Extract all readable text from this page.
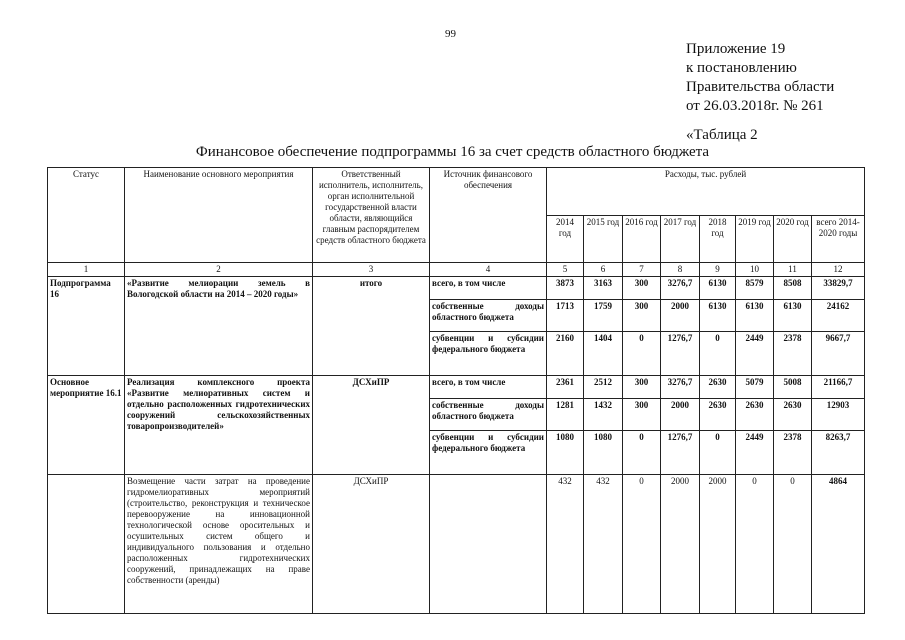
99
Приложение 19
к постановлению
Правительства области
от 26.03.2018г. № 261
«Таблица 2
Финансовое обеспечение подпрограммы 16 за счет средств областного бюджета
Статус	Наименование основного мероприятия	Ответственный исполнитель, исполнитель, орган исполнительной государственной власти области, являющийся главным распорядителем средств областного бюджета	Источник финансового обеспечения	Расходы, тыс. рублей							
				2014 год	2015 год	2016 год	2017 год	2018 год	2019 год	2020 год	всего 2014-2020 годы
1	2	3	4	5	6	7	8	9	10	11	12
Подпрограмма 16	«Развитие мелиорации земель в Вологодской области на 2014 – 2020 годы»	итого	всего, в том числе	3873	3163	300	3276,7	6130	8579	8508	33829,7
			собственные доходы областного бюджета	1713	1759	300	2000	6130	6130	6130	24162
			субвенции и субсидии федерального бюджета	2160	1404	0	1276,7	0	2449	2378	9667,7
Основное мероприятие 16.1	Реализация комплексного проекта «Развитие мелиоративных систем и отдельно расположенных гидротехнических сооружений сельскохозяйственных товаропроизводителей»	ДСХиПР	всего, в том числе	2361	2512	300	3276,7	2630	5079	5008	21166,7
			собственные доходы областного бюджета	1281	1432	300	2000	2630	2630	2630	12903
			субвенции и субсидии федерального бюджета	1080	1080	0	1276,7	0	2449	2378	8263,7
	Возмещение части затрат на проведение гидромелиоративных мероприятий (строительство, реконструкция и техническое перевооружение на инновационной технологической основе оросительных и осушительных систем общего и индивидуального пользования и отдельно расположенных гидротехнических сооружений, принадлежащих на праве собственности (аренды)	ДСХиПР		432	432	0	2000	2000	0	0	4864
